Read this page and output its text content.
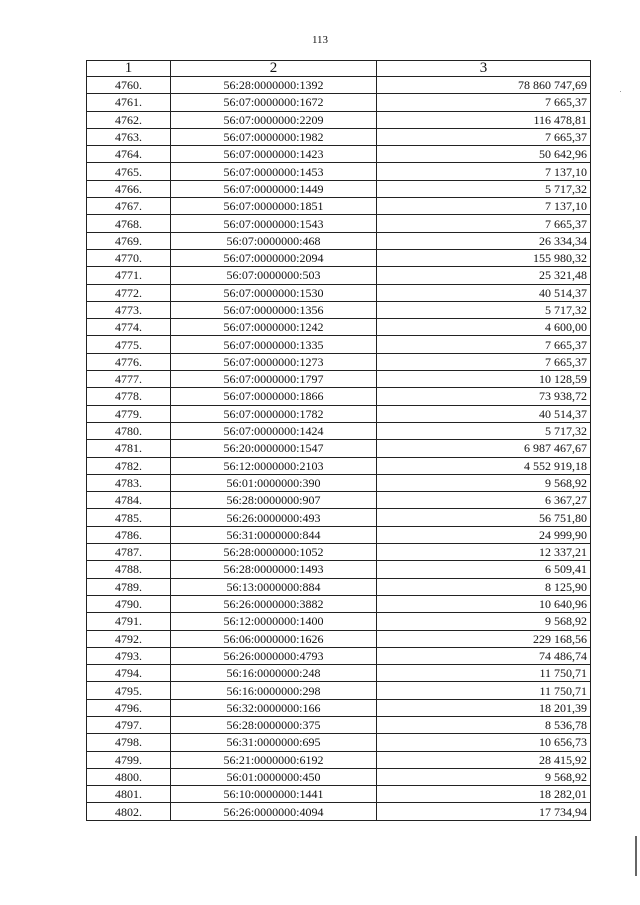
113
1	2	3
4760.	56:28:0000000:1392	78 860 747,69
4761.	56:07:0000000:1672	7 665,37
4762.	56:07:0000000:2209	116 478,81
4763.	56:07:0000000:1982	7 665,37
4764.	56:07:0000000:1423	50 642,96
4765.	56:07:0000000:1453	7 137,10
4766.	56:07:0000000:1449	5 717,32
4767.	56:07:0000000:1851	7 137,10
4768.	56:07:0000000:1543	7 665,37
4769.	56:07:0000000:468	26 334,34
4770.	56:07:0000000:2094	155 980,32
4771.	56:07:0000000:503	25 321,48
4772.	56:07:0000000:1530	40 514,37
4773.	56:07:0000000:1356	5 717,32
4774.	56:07:0000000:1242	4 600,00
4775.	56:07:0000000:1335	7 665,37
4776.	56:07:0000000:1273	7 665,37
4777.	56:07:0000000:1797	10 128,59
4778.	56:07:0000000:1866	73 938,72
4779.	56:07:0000000:1782	40 514,37
4780.	56:07:0000000:1424	5 717,32
4781.	56:20:0000000:1547	6 987 467,67
4782.	56:12:0000000:2103	4 552 919,18
4783.	56:01:0000000:390	9 568,92
4784.	56:28:0000000:907	6 367,27
4785.	56:26:0000000:493	56 751,80
4786.	56:31:0000000:844	24 999,90
4787.	56:28:0000000:1052	12 337,21
4788.	56:28:0000000:1493	6 509,41
4789.	56:13:0000000:884	8 125,90
4790.	56:26:0000000:3882	10 640,96
4791.	56:12:0000000:1400	9 568,92
4792.	56:06:0000000:1626	229 168,56
4793.	56:26:0000000:4793	74 486,74
4794.	56:16:0000000:248	11 750,71
4795.	56:16:0000000:298	11 750,71
4796.	56:32:0000000:166	18 201,39
4797.	56:28:0000000:375	8 536,78
4798.	56:31:0000000:695	10 656,73
4799.	56:21:0000000:6192	28 415,92
4800.	56:01:0000000:450	9 568,92
4801.	56:10:0000000:1441	18 282,01
4802.	56:26:0000000:4094	17 734,94
